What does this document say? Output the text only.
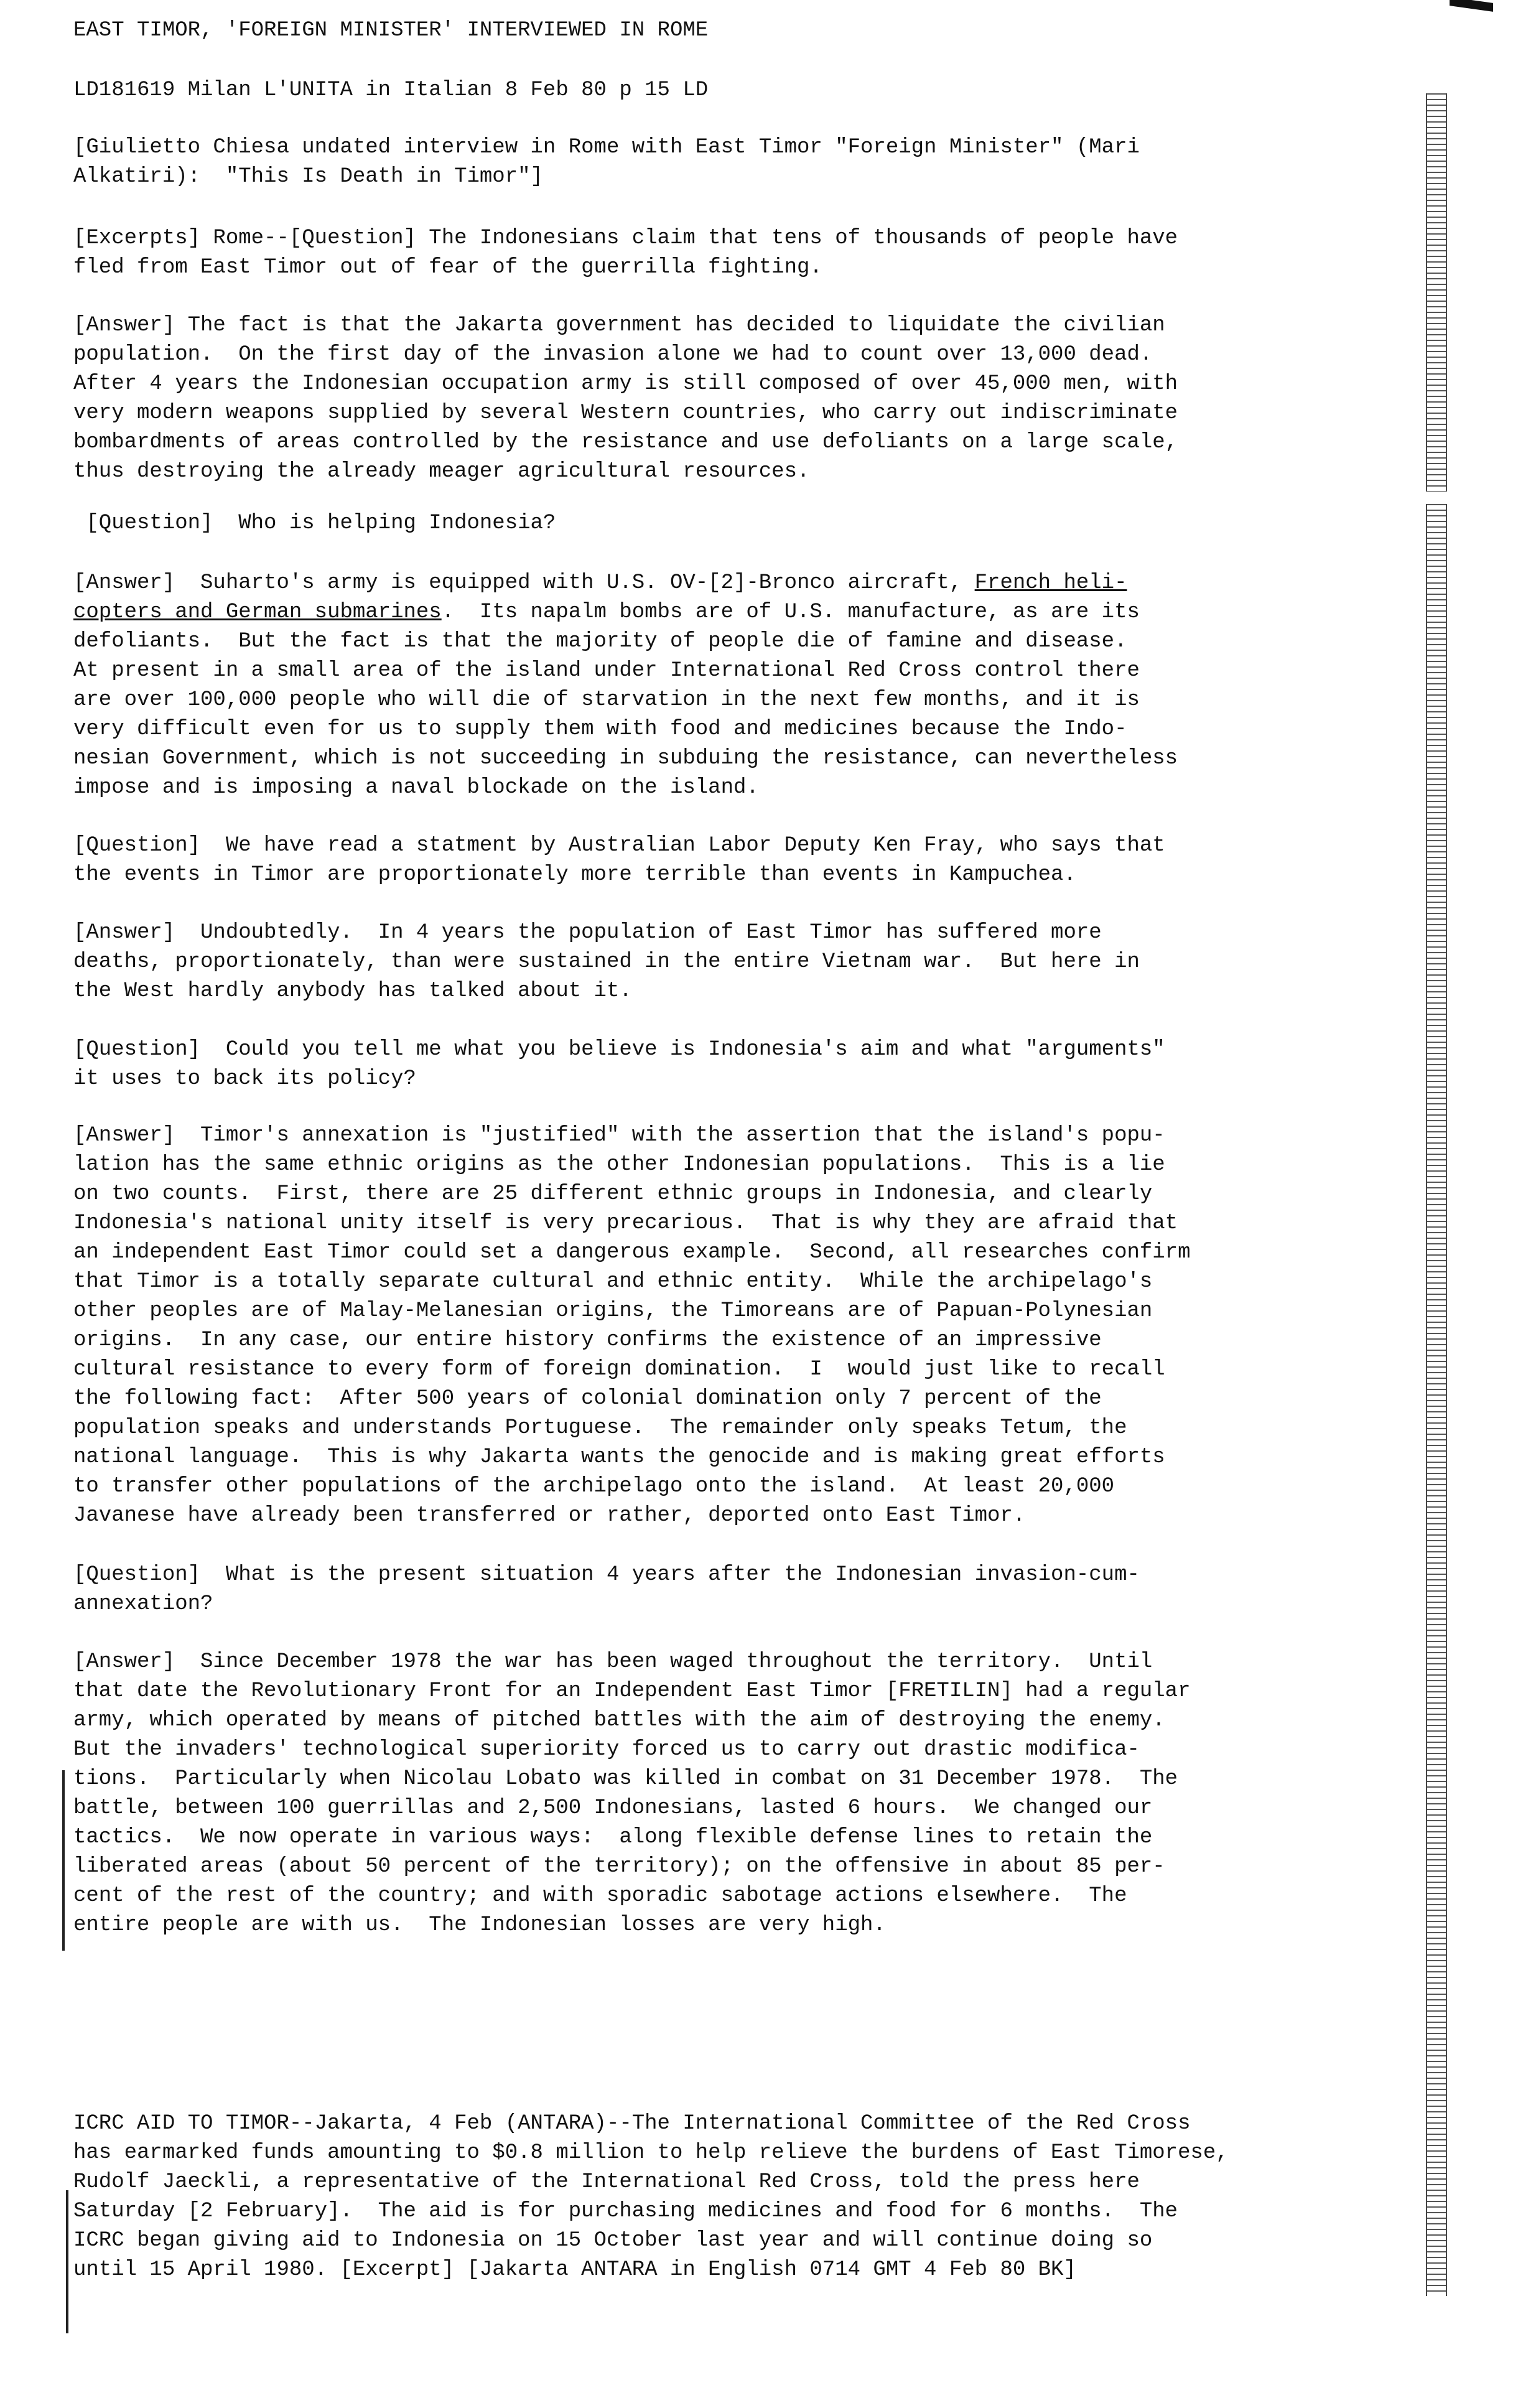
EAST TIMOR, 'FOREIGN MINISTER' INTERVIEWED IN ROME
LD181619 Milan L'UNITA in Italian 8 Feb 80 p 15 LD
[Giulietto Chiesa undated interview in Rome with East Timor "Foreign Minister" (Mari
Alkatiri):  "This Is Death in Timor"]
[Excerpts] Rome--[Question] The Indonesians claim that tens of thousands of people have
fled from East Timor out of fear of the guerrilla fighting.
[Answer] The fact is that the Jakarta government has decided to liquidate the civilian
population.  On the first day of the invasion alone we had to count over 13,000 dead.
After 4 years the Indonesian occupation army is still composed of over 45,000 men, with
very modern weapons supplied by several Western countries, who carry out indiscriminate
bombardments of areas controlled by the resistance and use defoliants on a large scale,
thus destroying the already meager agricultural resources.
[Question]  Who is helping Indonesia?
[Answer]  Suharto's army is equipped with U.S. OV-[2]-Bronco aircraft, French heli-
copters and German submarines.  Its napalm bombs are of U.S. manufacture, as are its
defoliants.  But the fact is that the majority of people die of famine and disease.
At present in a small area of the island under International Red Cross control there
are over 100,000 people who will die of starvation in the next few months, and it is
very difficult even for us to supply them with food and medicines because the Indo-
nesian Government, which is not succeeding in subduing the resistance, can nevertheless
impose and is imposing a naval blockade on the island.
[Question]  We have read a statment by Australian Labor Deputy Ken Fray, who says that
the events in Timor are proportionately more terrible than events in Kampuchea.
[Answer]  Undoubtedly.  In 4 years the population of East Timor has suffered more
deaths, proportionately, than were sustained in the entire Vietnam war.  But here in
the West hardly anybody has talked about it.
[Question]  Could you tell me what you believe is Indonesia's aim and what "arguments"
it uses to back its policy?
[Answer]  Timor's annexation is "justified" with the assertion that the island's popu-
lation has the same ethnic origins as the other Indonesian populations.  This is a lie
on two counts.  First, there are 25 different ethnic groups in Indonesia, and clearly
Indonesia's national unity itself is very precarious.  That is why they are afraid that
an independent East Timor could set a dangerous example.  Second, all researches confirm
that Timor is a totally separate cultural and ethnic entity.  While the archipelago's
other peoples are of Malay-Melanesian origins, the Timoreans are of Papuan-Polynesian
origins.  In any case, our entire history confirms the existence of an impressive
cultural resistance to every form of foreign domination.  I  would just like to recall
the following fact:  After 500 years of colonial domination only 7 percent of the
population speaks and understands Portuguese.  The remainder only speaks Tetum, the
national language.  This is why Jakarta wants the genocide and is making great efforts
to transfer other populations of the archipelago onto the island.  At least 20,000
Javanese have already been transferred or rather, deported onto East Timor.
[Question]  What is the present situation 4 years after the Indonesian invasion-cum-
annexation?
[Answer]  Since December 1978 the war has been waged throughout the territory.  Until
that date the Revolutionary Front for an Independent East Timor [FRETILIN] had a regular
army, which operated by means of pitched battles with the aim of destroying the enemy.
But the invaders' technological superiority forced us to carry out drastic modifica-
tions.  Particularly when Nicolau Lobato was killed in combat on 31 December 1978.  The
battle, between 100 guerrillas and 2,500 Indonesians, lasted 6 hours.  We changed our
tactics.  We now operate in various ways:  along flexible defense lines to retain the
liberated areas (about 50 percent of the territory); on the offensive in about 85 per-
cent of the rest of the country; and with sporadic sabotage actions elsewhere.  The
entire people are with us.  The Indonesian losses are very high.
ICRC AID TO TIMOR--Jakarta, 4 Feb (ANTARA)--The International Committee of the Red Cross
has earmarked funds amounting to $0.8 million to help relieve the burdens of East Timorese,
Rudolf Jaeckli, a representative of the International Red Cross, told the press here
Saturday [2 February].  The aid is for purchasing medicines and food for 6 months.  The
ICRC began giving aid to Indonesia on 15 October last year and will continue doing so
until 15 April 1980. [Excerpt] [Jakarta ANTARA in English 0714 GMT 4 Feb 80 BK]
